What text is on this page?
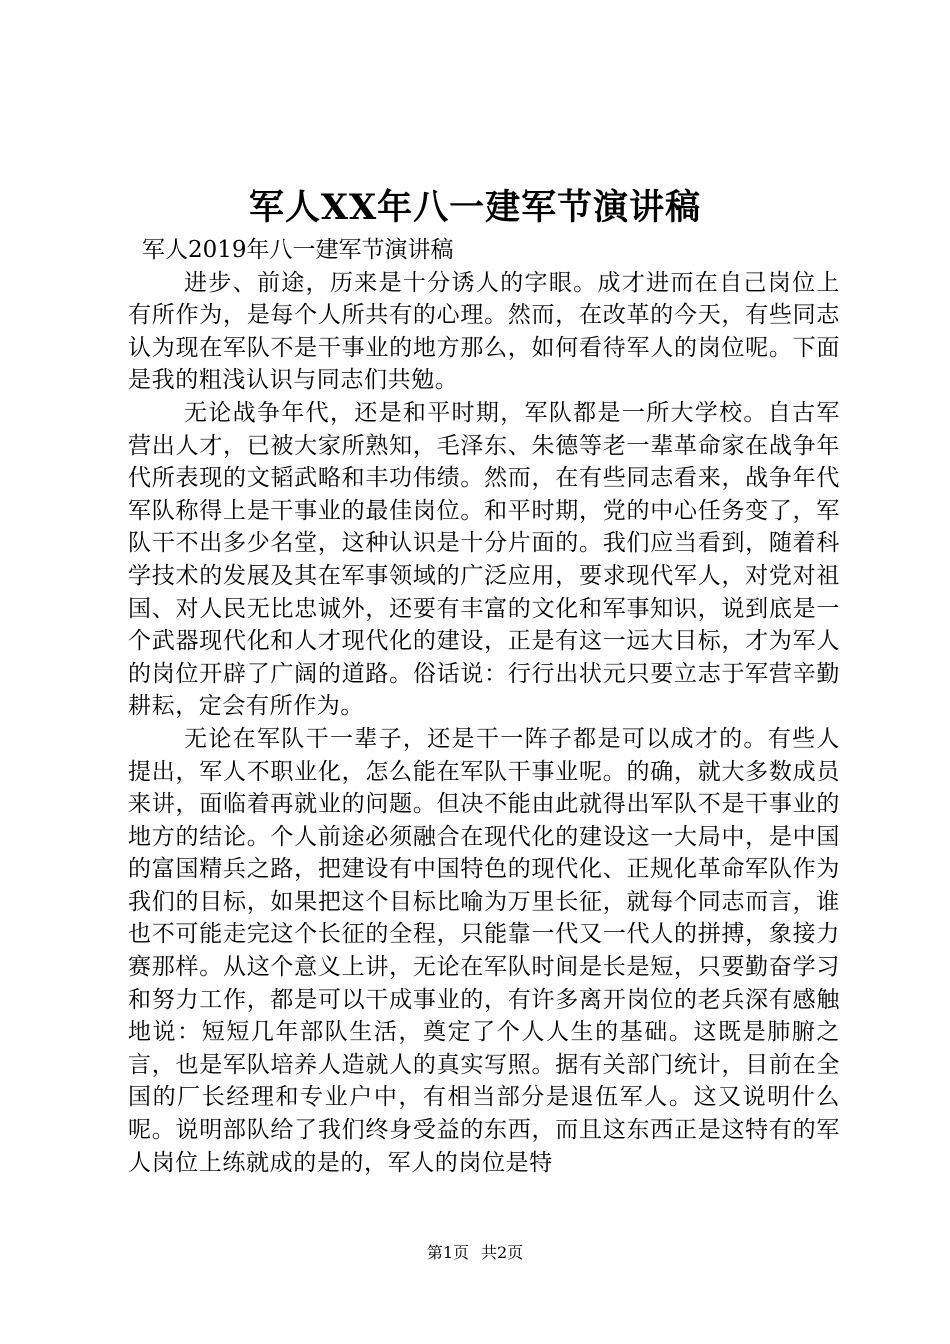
军人XX年八一建军节演讲稿

军人2019年八一建军节演讲稿

进步、前途，历来是十分诱人的字眼。成才进而在自己岗位上有所作为，是每个人所共有的心理。然而，在改革的今天，有些同志认为现在军队不是干事业的地方那么，如何看待军人的岗位呢。下面是我的粗浅认识与同志们共勉。

无论战争年代，还是和平时期，军队都是一所大学校。自古军营出人才，已被大家所熟知，毛泽东、朱德等老一辈革命家在战争年代所表现的文韬武略和丰功伟绩。然而，在有些同志看来，战争年代军队称得上是干事业的最佳岗位。和平时期，党的中心任务变了，军队干不出多少名堂，这种认识是十分片面的。我们应当看到，随着科学技术的发展及其在军事领域的广泛应用，要求现代军人，对党对祖国、对人民无比忠诚外，还要有丰富的文化和军事知识，说到底是一个武器现代化和人才现代化的建设，正是有这一远大目标，才为军人的岗位开辟了广阔的道路。俗话说：行行出状元只要立志于军营辛勤耕耘，定会有所作为。

无论在军队干一辈子，还是干一阵子都是可以成才的。有些人提出，军人不职业化，怎么能在军队干事业呢。的确，就大多数成员来讲，面临着再就业的问题。但决不能由此就得出军队不是干事业的地方的结论。个人前途必须融合在现代化的建设这一大局中，是中国的富国精兵之路，把建设有中国特色的现代化、正规化革命军队作为我们的目标，如果把这个目标比喻为万里长征，就每个同志而言，谁也不可能走完这个长征的全程，只能靠一代又一代人的拼搏，象接力赛那样。从这个意义上讲，无论在军队时间是长是短，只要勤奋学习和努力工作，都是可以干成事业的，有许多离开岗位的老兵深有感触地说：短短几年部队生活，奠定了个人人生的基础。这既是肺腑之言，也是军队培养人造就人的真实写照。据有关部门统计，目前在全国的厂长经理和专业户中，有相当部分是退伍军人。这又说明什么呢。说明部队给了我们终身受益的东西，而且这东西正是这特有的军人岗位上练就成的是的，军人的岗位是特

第1页 共2页
